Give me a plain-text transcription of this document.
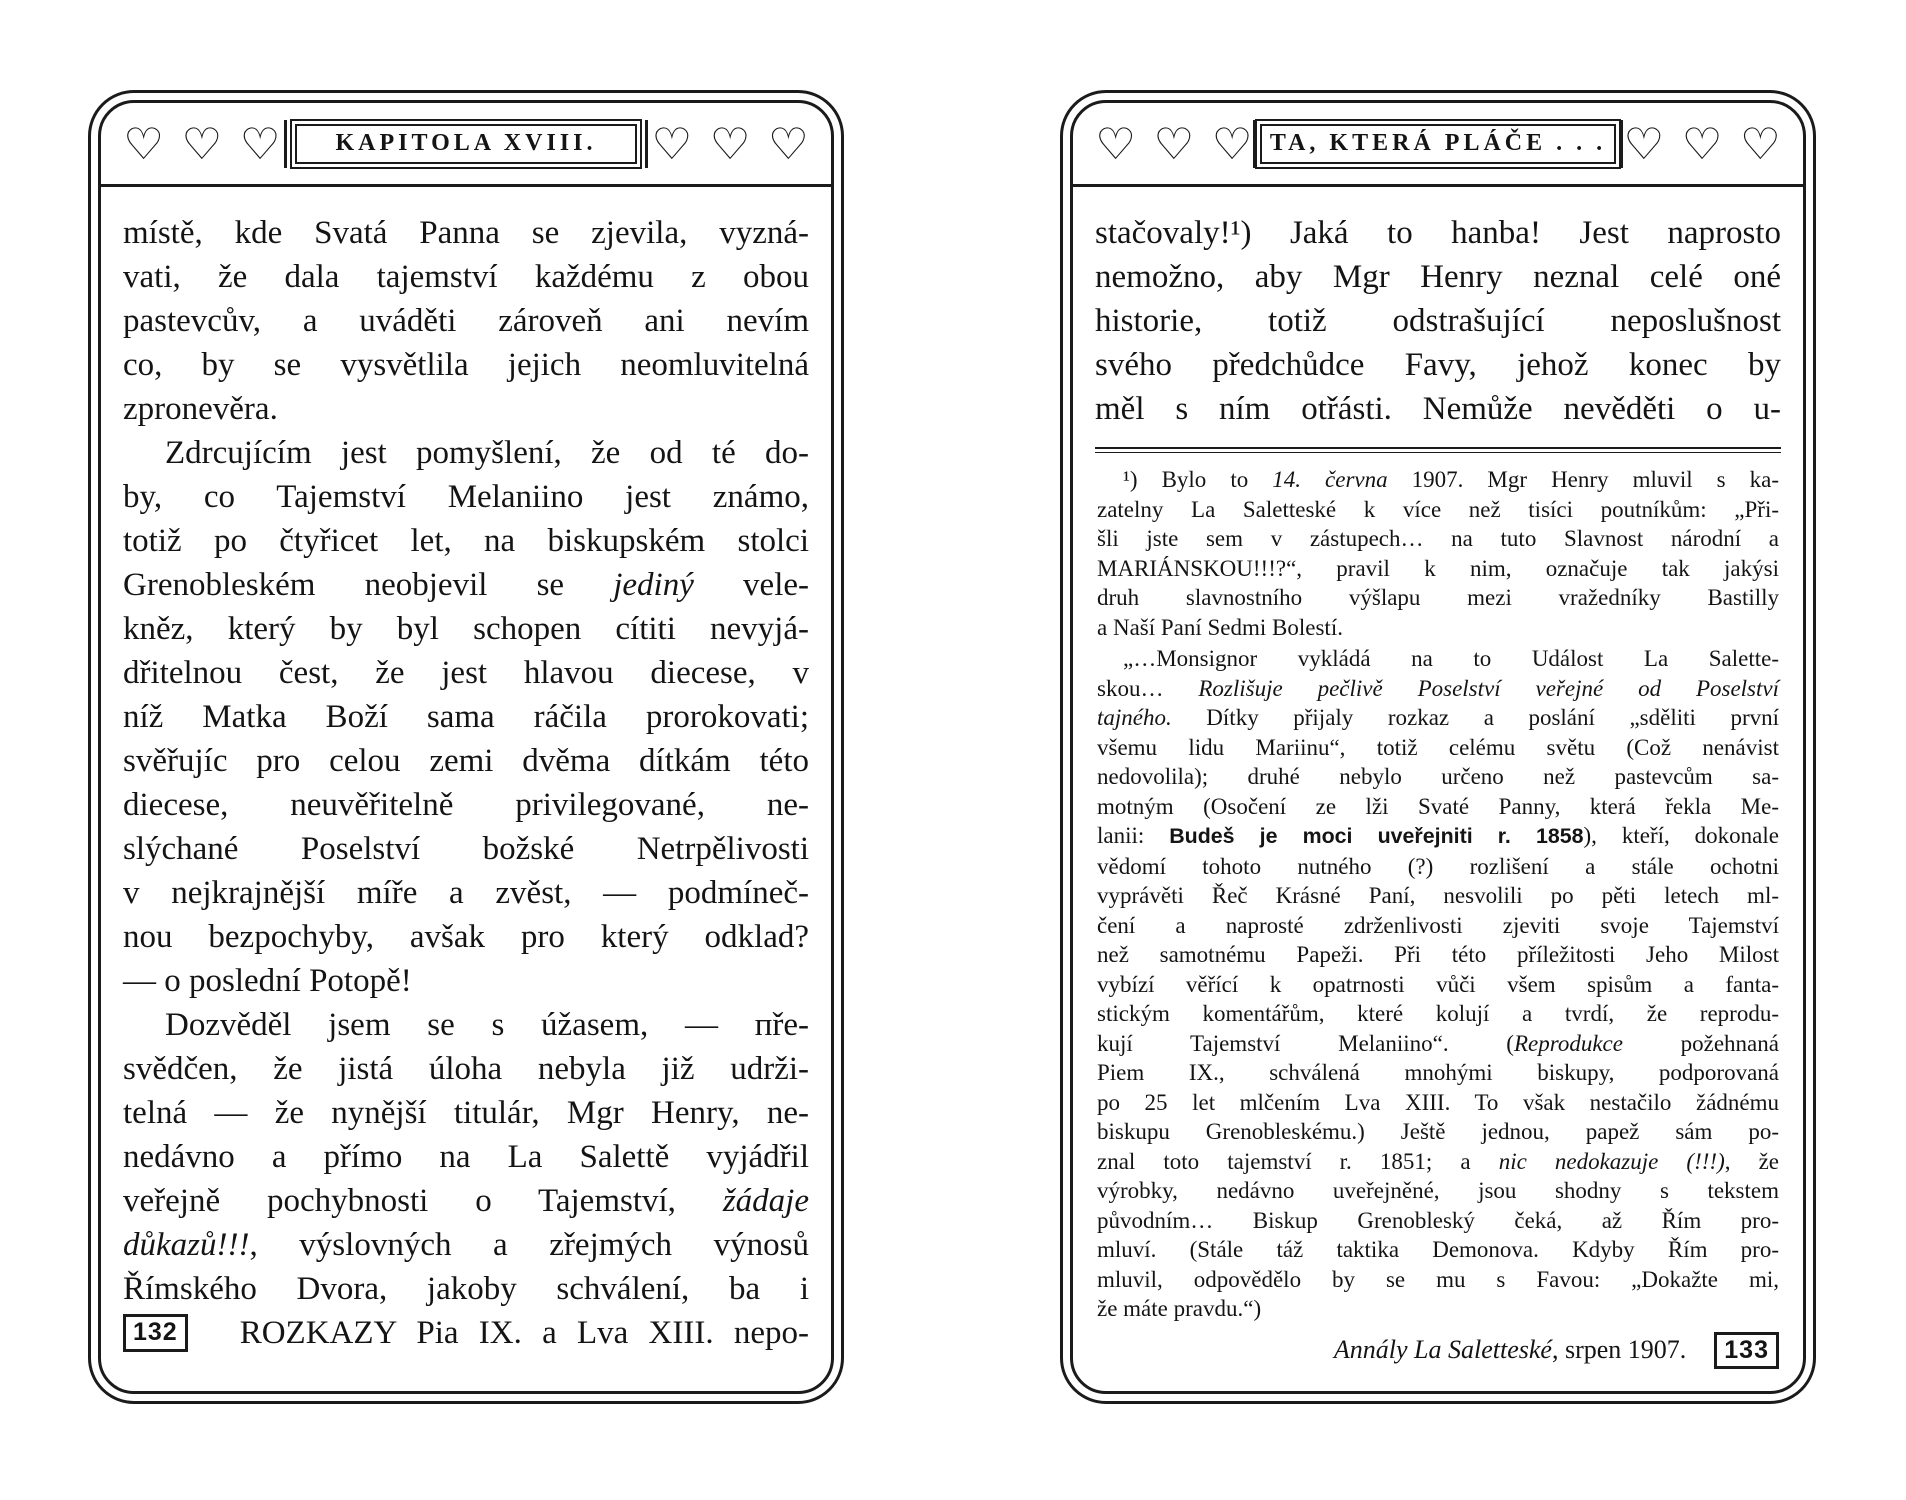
♡ ♡ ♡	KAPITOLA XVIII.	♡ ♡ ♡
místě, kde Svatá Panna se zjevila, vyzná-
vati, že dala tajemství každému z obou
pastevcův, a uváděti zároveň ani nevím
co, by se vysvětlila jejich neomluvitelná
zpronevěra.
Zdrcujícím jest pomyšlení, že od té do-
by, co Tajemství Melaniino jest známo,
totiž po čtyřicet let, na biskupském stolci
Grenobleském neobjevil se jediný vele-
kněz, který by byl schopen cítiti nevyjá-
dřitelnou čest, že jest hlavou diecese, v
níž Matka Boží sama ráčila prorokovati;
svěřujíc pro celou zemi dvěma dítkám této
diecese, neuvěřitelně privilegované, ne-
slýchané Poselství božské Netrpělivosti
v nejkrajnější míře a zvěst, — podmíneč-
nou bezpochyby, avšak pro který odklad?
— o poslední Potopě!
Dozvěděl jsem se s úžasem, — пře-
svědčen, že jistá úloha nebyla již udrži-
telná — že nynější titulár, Mgr Henry, ne-
nedávno a přímo na La Salettě vyjádřil
veřejně pochybnosti o Tajemství, žádaje
důkazů!!!, výslovných a zřejmých výnosů
Římského Dvora, jakoby schválení, ba i
132	ROZKAZY Pia IX. a Lva XIII. nepo-
♡ ♡ ♡ TA, KTERÁ PLÁČE . . . ♡ ♡ ♡
stačovaly!¹) Jaká to hanba! Jest naprosto
nemožno, aby Mgr Henry neznal celé oné
historie, totiž odstrašující neposlušnost
svého předchůdce Favy, jehož konec by
měl s ním otřásti. Nemůže nevěděti o u-
¹) Bylo to 14. června 1907. Mgr Henry mluvil s ka-
zatelny La Saletteské k více než tisíci poutníkům: „Při-
šli jste sem v zástupech… na tuto Slavnost národní a
MARIÁNSKOU!!!?“, pravil k nim, označuje tak jakýsi
druh slavnostního výšlapu mezi vražedníky Bastilly
a Naší Paní Sedmi Bolestí.
„…Monsignor vykládá na to Událost La Salette-
skou… Rozlišuje pečlivě Poselství veřejné od Poselství
tajného. Dítky přijaly rozkaz a poslání „sděliti první
všemu lidu Mariinu“, totiž celému světu (Což nenávist
nedovolila); druhé nebylo určeno než pastevcům sa-
motným (Osočení ze lži Svaté Panny, která řekla Me-
lanii: Budeš je moci uveřejniti r. 1858), kteří, dokonale
vědomí tohoto nutného (?) rozlišení a stále ochotni
vyprávěti Řeč Krásné Paní, nesvolili po pěti letech ml-
čení a naprosté zdrženlivosti zjeviti svoje Tajemství
než samotnému Papeži. Při této příležitosti Jeho Milost
vybízí věřící k opatrnosti vůči všem spisům a fanta-
stickým komentářům, které kolují a tvrdí, že reprodu-
kují Tajemství Melaniino“. (Reprodukce požehnaná
Piem IX., schválená mnohými biskupy, podporovaná
po 25 let mlčením Lva XIII. To však nestačilo žádnému
biskupu Grenobleskému.) Ještě jednou, papež sám po-
znal toto tajemství r. 1851; a nic nedokazuje (!!!), že
výrobky, nedávno uveřejněné, jsou shodny s tekstem
původním… Biskup Grenobleský čeká, až Řím pro-
mluví. (Stále táž taktika Demonova. Kdyby Řím pro-
mluvil, odpovědělo by se mu s Favou: „Dokažte mi,
že máte pravdu.“)
Annály La Saletteské, srpen 1907.	133
